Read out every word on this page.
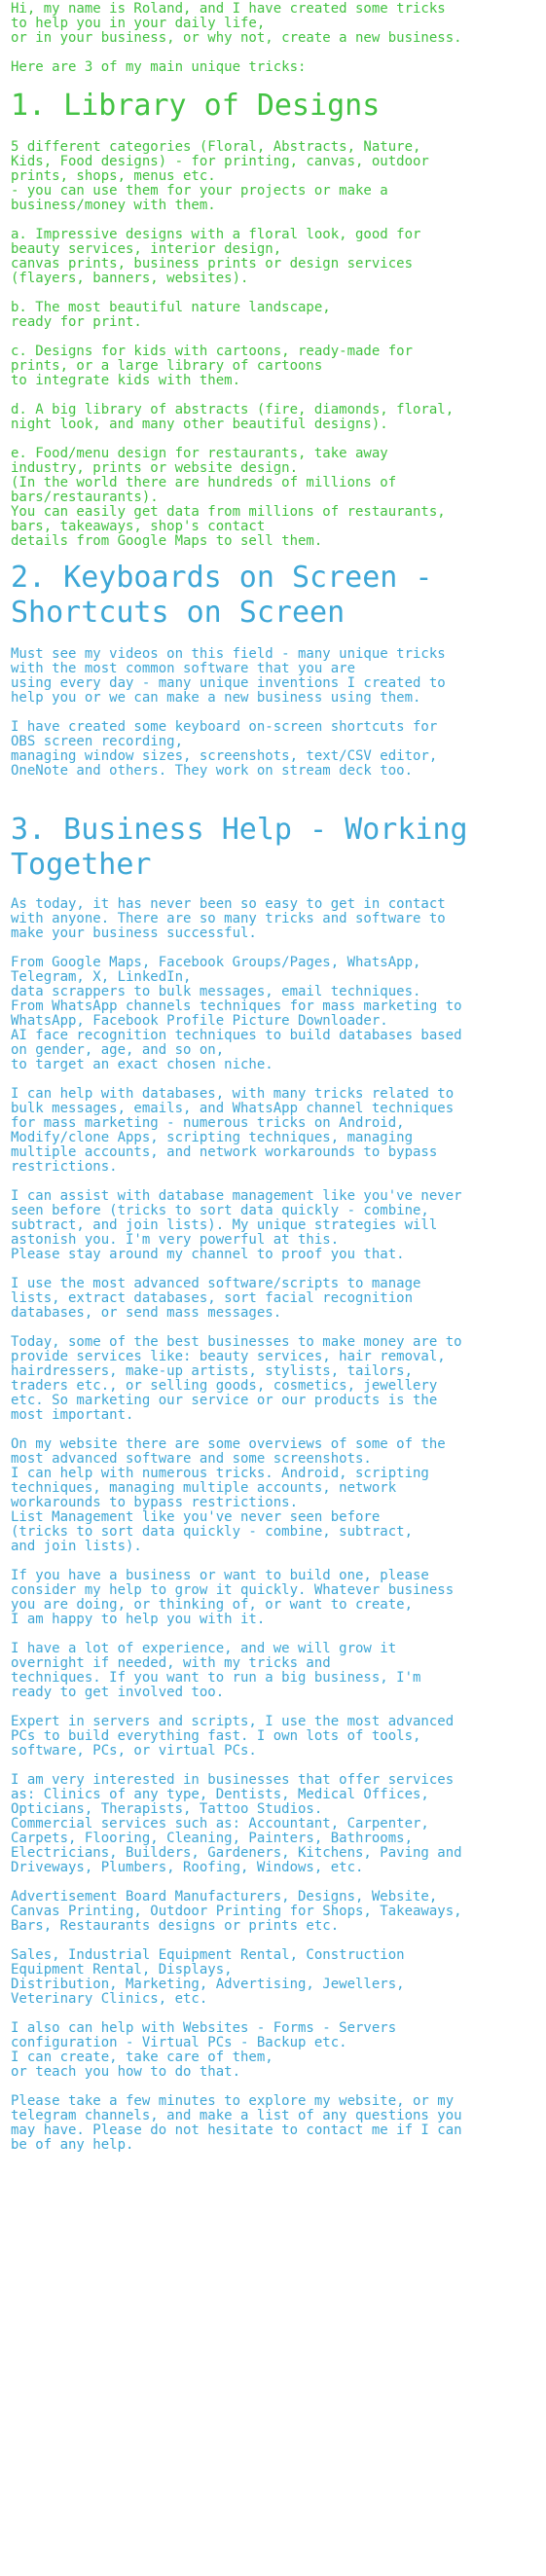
Hi, my name is Roland, and I have created some tricks
to help you in your daily life,
or in your business, or why not, create a new business.

Here are 3 of my main unique tricks:

1. Library of Designs

5 different categories (Floral, Abstracts, Nature,
Kids, Food designs) - for printing, canvas, outdoor
prints, shops, menus etc.
- you can use them for your projects or make a
business/money with them.

a. Impressive designs with a floral look, good for
beauty services, interior design,
canvas prints, business prints or design services
(flayers, banners, websites).

b. The most beautiful nature landscape,
ready for print.

c. Designs for kids with cartoons, ready-made for
prints, or a large library of cartoons
to integrate kids with them.

d. A big library of abstracts (fire, diamonds, floral,
night look, and many other beautiful designs).

e. Food/menu design for restaurants, take away
industry, prints or website design.
(In the world there are hundreds of millions of
bars/restaurants).
You can easily get data from millions of restaurants,
bars, takeaways, shop's contact
details from Google Maps to sell them.

2. Keyboards on Screen -
Shortcuts on Screen

Must see my videos on this field - many unique tricks
with the most common software that you are
using every day - many unique inventions I created to
help you or we can make a new business using them.

I have created some keyboard on-screen shortcuts for
OBS screen recording,
managing window sizes, screenshots, text/CSV editor,
OneNote and others. They work on stream deck too.

3. Business Help - Working
Together

As today, it has never been so easy to get in contact
with anyone. There are so many tricks and software to
make your business successful.

From Google Maps, Facebook Groups/Pages, WhatsApp,
Telegram, X, LinkedIn,
data scrappers to bulk messages, email techniques.
From WhatsApp channels techniques for mass marketing to
WhatsApp, Facebook Profile Picture Downloader.
AI face recognition techniques to build databases based
on gender, age, and so on,
to target an exact chosen niche.

I can help with databases, with many tricks related to
bulk messages, emails, and WhatsApp channel techniques
for mass marketing - numerous tricks on Android,
Modify/clone Apps, scripting techniques, managing
multiple accounts, and network workarounds to bypass
restrictions.

I can assist with database management like you've never
seen before (tricks to sort data quickly - combine,
subtract, and join lists). My unique strategies will
astonish you. I'm very powerful at this.
Please stay around my channel to proof you that.

I use the most advanced software/scripts to manage
lists, extract databases, sort facial recognition
databases, or send mass messages.

Today, some of the best businesses to make money are to
provide services like: beauty services, hair removal,
hairdressers, make-up artists, stylists, tailors,
traders etc., or selling goods, cosmetics, jewellery
etc. So marketing our service or our products is the
most important.

On my website there are some overviews of some of the
most advanced software and some screenshots.
I can help with numerous tricks. Android, scripting
techniques, managing multiple accounts, network
workarounds to bypass restrictions.
List Management like you've never seen before
(tricks to sort data quickly - combine, subtract,
and join lists).

If you have a business or want to build one, please
consider my help to grow it quickly. Whatever business
you are doing, or thinking of, or want to create,
I am happy to help you with it.

I have a lot of experience, and we will grow it
overnight if needed, with my tricks and
techniques. If you want to run a big business, I'm
ready to get involved too.

Expert in servers and scripts, I use the most advanced
PCs to build everything fast. I own lots of tools,
software, PCs, or virtual PCs.

I am very interested in businesses that offer services
as: Clinics of any type, Dentists, Medical Offices,
Opticians, Therapists, Tattoo Studios.
Commercial services such as: Accountant, Carpenter,
Carpets, Flooring, Cleaning, Painters, Bathrooms,
Electricians, Builders, Gardeners, Kitchens, Paving and
Driveways, Plumbers, Roofing, Windows, etc.

Advertisement Board Manufacturers, Designs, Website,
Canvas Printing, Outdoor Printing for Shops, Takeaways,
Bars, Restaurants designs or prints etc.

Sales, Industrial Equipment Rental, Construction
Equipment Rental, Displays,
Distribution, Marketing, Advertising, Jewellers,
Veterinary Clinics, etc.

I also can help with Websites - Forms - Servers
configuration - Virtual PCs - Backup etc.
I can create, take care of them,
or teach you how to do that.

Please take a few minutes to explore my website, or my
telegram channels, and make a list of any questions you
may have. Please do not hesitate to contact me if I can
be of any help.
